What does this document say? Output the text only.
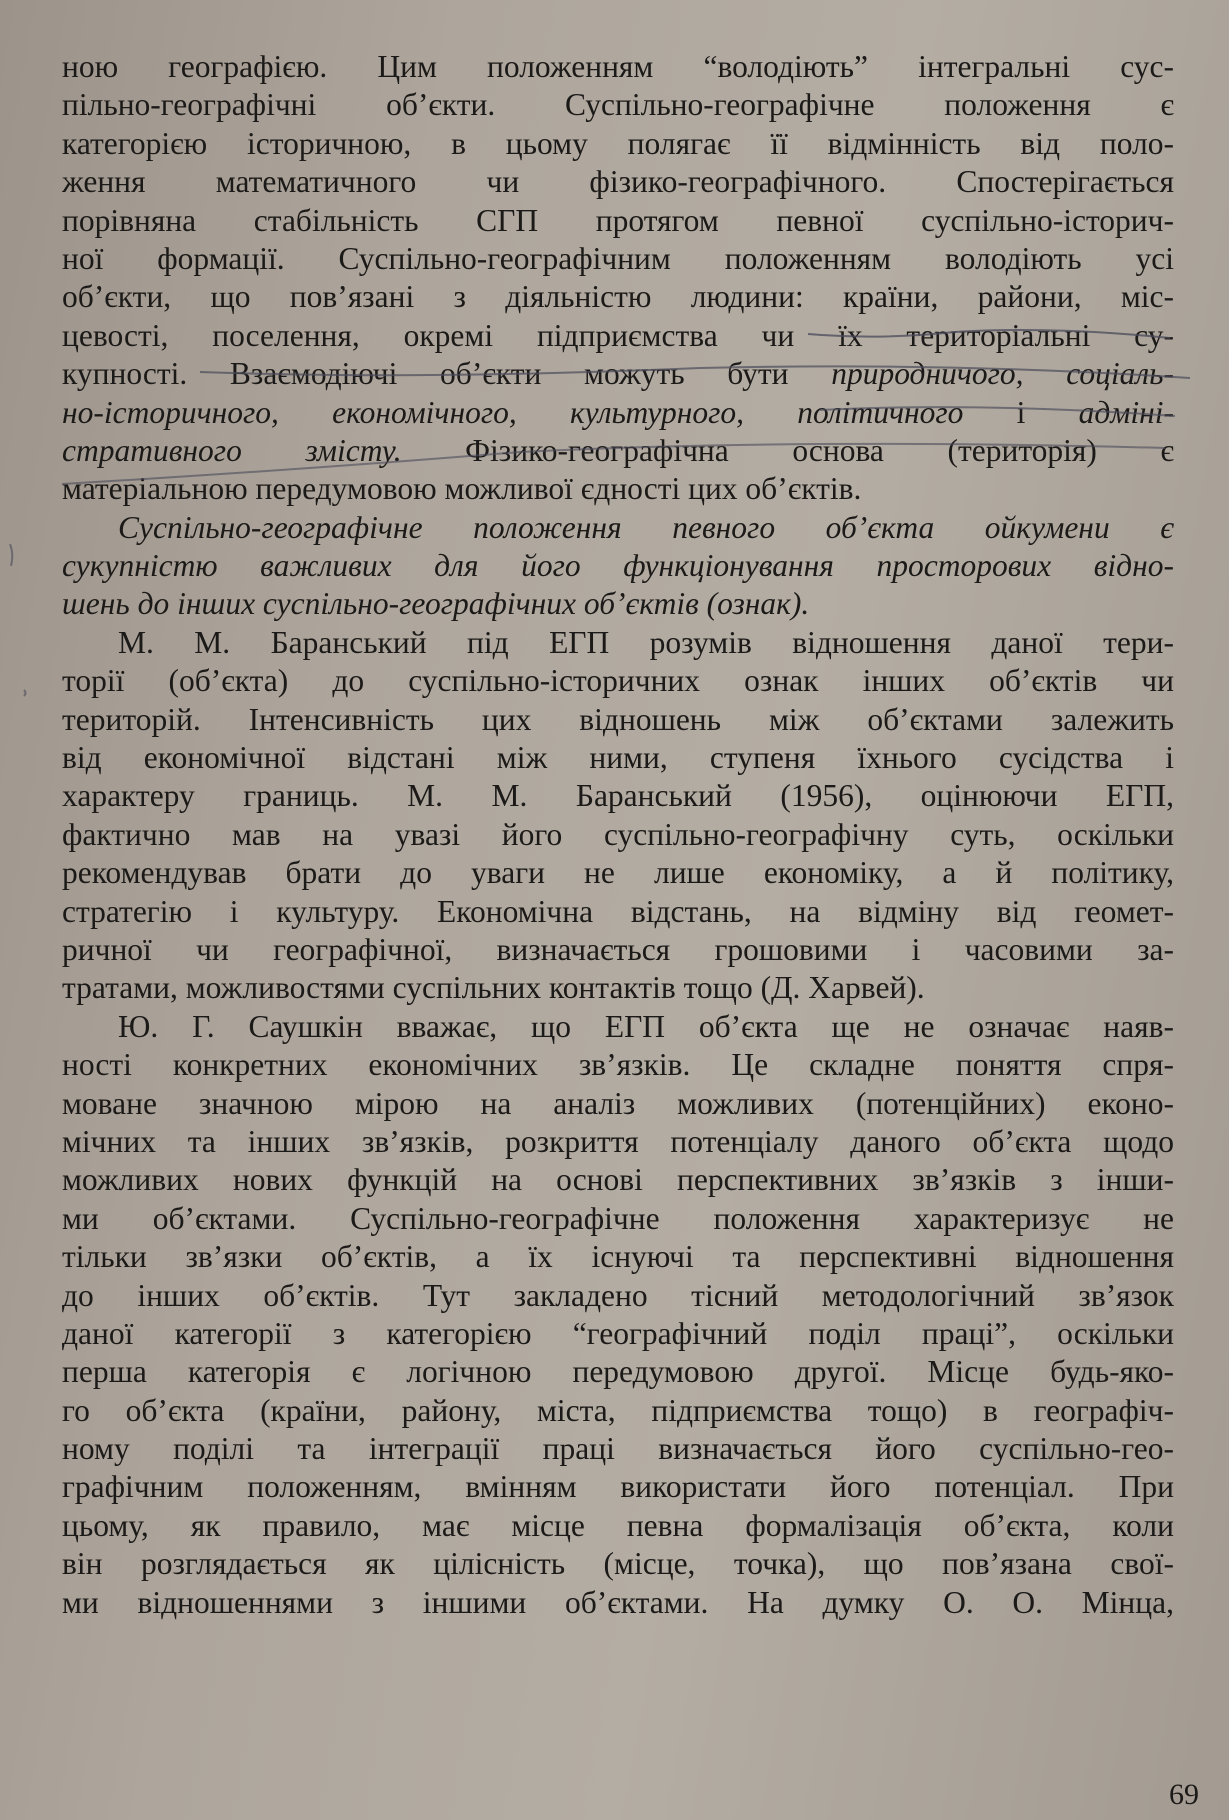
ною географією. Цим положенням “володіють” інтегральні сус-
пільно-географічні об’єкти. Суспільно-географічне положення є
категорією історичною, в цьому полягає її відмінність від поло-
ження математичного чи фізико-географічного. Спостерігається
порівняна стабільність СГП протягом певної суспільно-історич-
ної формації. Суспільно-географічним положенням володіють усі
об’єкти, що пов’язані з діяльністю людини: країни, райони, міс-
цевості, поселення, окремі підприємства чи їх територіальні су-
купності. Взаємодіючі об’єкти можуть бути природничого, соціаль-
но-історичного, економічного, культурного, політичного і адміні-
стративного змісту. Фізико-географічна основа (територія) є
матеріальною передумовою можливої єдності цих об’єктів.
Суспільно-географічне положення певного об’єкта ойкумени є
сукупністю важливих для його функціонування просторових відно-
шень до інших суспільно-географічних об’єктів (ознак).
М. М. Баранський під ЕГП розумів відношення даної тери-
торії (об’єкта) до суспільно-історичних ознак інших об’єктів чи
територій. Інтенсивність цих відношень між об’єктами залежить
від економічної відстані між ними, ступеня їхнього сусідства і
характеру границь. М. М. Баранський (1956), оцінюючи ЕГП,
фактично мав на увазі його суспільно-географічну суть, оскільки
рекомендував брати до уваги не лише економіку, а й політику,
стратегію і культуру. Економічна відстань, на відміну від геомет-
ричної чи географічної, визначається грошовими і часовими за-
тратами, можливостями суспільних контактів тощо (Д. Харвей).
Ю. Г. Саушкін вважає, що ЕГП об’єкта ще не означає наяв-
ності конкретних економічних зв’язків. Це складне поняття спря-
моване значною мірою на аналіз можливих (потенційних) еконо-
мічних та інших зв’язків, розкриття потенціалу даного об’єкта щодо
можливих нових функцій на основі перспективних зв’язків з інши-
ми об’єктами. Суспільно-географічне положення характеризує не
тільки зв’язки об’єктів, а їх існуючі та перспективні відношення
до інших об’єктів. Тут закладено тісний методологічний зв’язок
даної категорії з категорією “географічний поділ праці”, оскільки
перша категорія є логічною передумовою другої. Місце будь-яко-
го об’єкта (країни, району, міста, підприємства тощо) в географіч-
ному поділі та інтеграції праці визначається його суспільно-гео-
графічним положенням, вмінням використати його потенціал. При
цьому, як правило, має місце певна формалізація об’єкта, коли
він розглядається як цілісність (місце, точка), що пов’язана свої-
ми відношеннями з іншими об’єктами. На думку О. О. Мінца,
69
